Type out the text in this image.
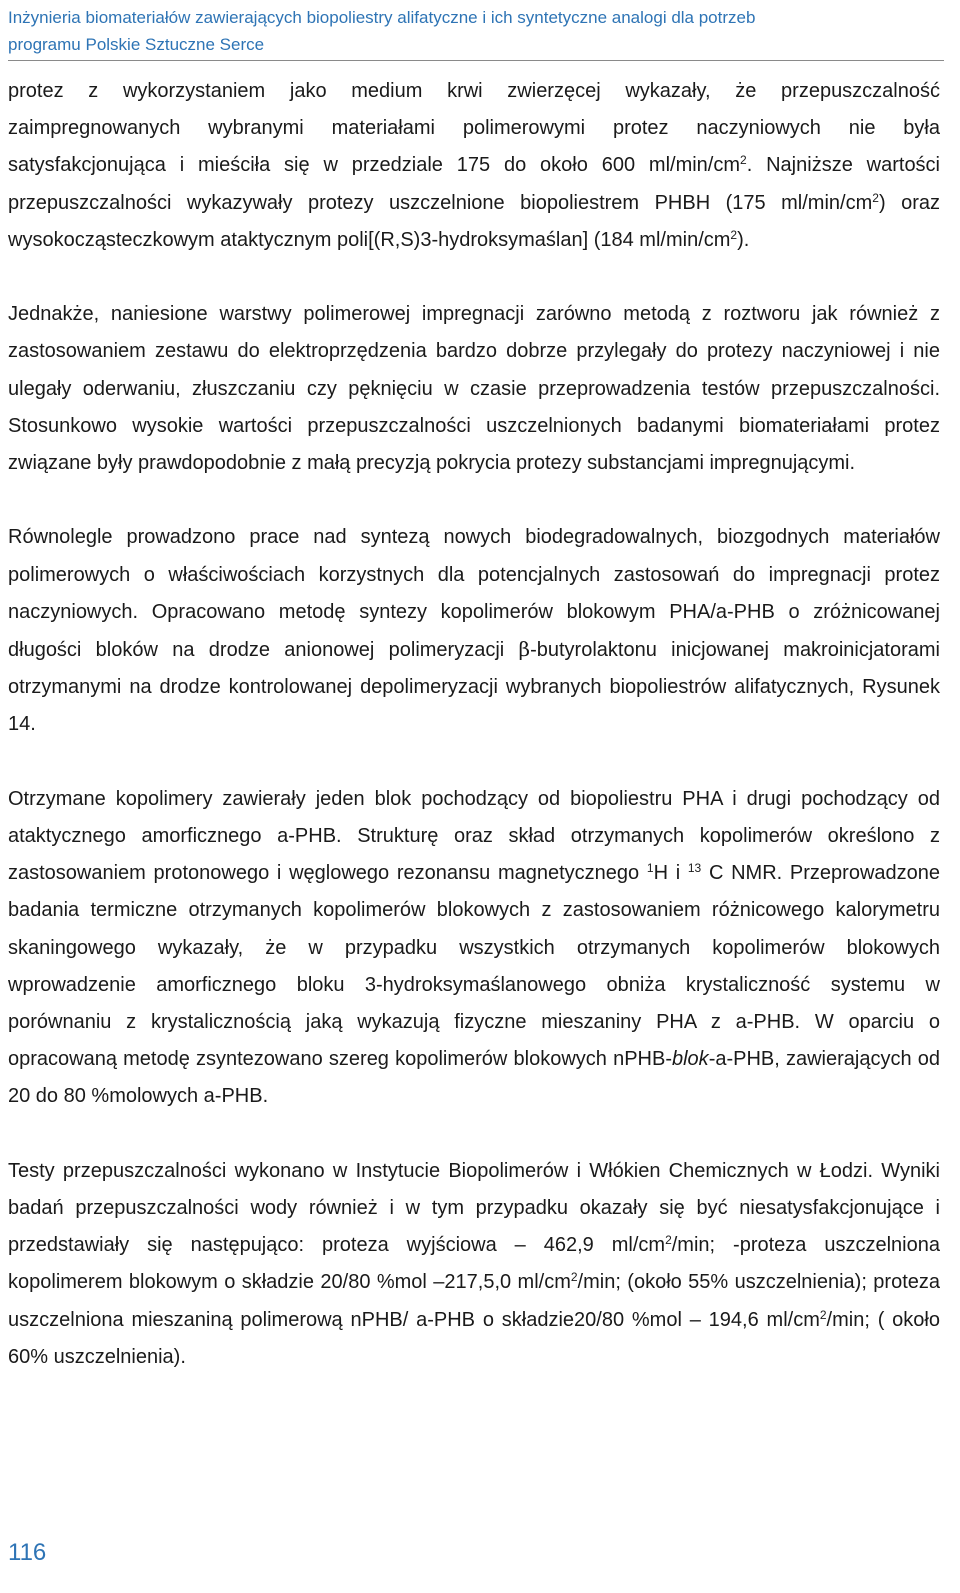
Inżynieria biomateriałów zawierających biopoliestry alifatyczne i ich syntetyczne analogi dla potrzeb
programu Polskie Sztuczne Serce

protez z wykorzystaniem jako medium krwi zwierzęcej wykazały, że przepuszczalność zaimpregnowanych wybranymi materiałami polimerowymi protez naczyniowych nie była satysfakcjonująca i mieściła się w przedziale 175 do około 600 $ml/\min/cm^2$. Najniższe wartości przepuszczalności wykazywały protezy uszczelnione biopoliestrem PHBH (175 $ml/\min/cm^2$) oraz wysokocząsteczkowym ataktycznym poli[(R,S)3-hydroksymaślan] (184 $ml/\min/cm^2$).

Jednakże, naniesione warstwy polimerowej impregnacji zarówno metodą z roztworu jak również z zastosowaniem zestawu do elektroprzędzenia bardzo dobrze przylegały do protezy naczyniowej i nie ulegały oderwaniu, złuszczaniu czy pęknięciu w czasie przeprowadzenia testów przepuszczalności. Stosunkowo wysokie wartości przepuszczalności uszczelnionych badanymi biomateriałami protez związane były prawdopodobnie z małą precyzją pokrycia protezy substancjami impregnującymi.

Równolegle prowadzono prace nad syntezą nowych biodegradowalnych, biozgodnych materiałów polimerowych o właściwościach korzystnych dla potencjalnych zastosowań do impregnacji protez naczyniowych. Opracowano metodę syntezy kopolimerów blokowym PHA/a-PHB o zróżnicowanej długości bloków na drodze anionowej polimeryzacji β-butyrolaktonu inicjowanej makroinicjatorami otrzymanymi na drodze kontrolowanej depolimeryzacji wybranych biopoliestrów alifatycznych, Rysunek 14.

Otrzymane kopolimery zawierały jeden blok pochodzący od biopoliestru PHA i drugi pochodzący od ataktycznego amorficznego a-PHB. Strukturę oraz skład otrzymanych kopolimerów określono z zastosowaniem protonowego i węglowego rezonansu magnetycznego $^1$H i $^{13}$ C NMR. Przeprowadzone badania termiczne otrzymanych kopolimerów blokowych z zastosowaniem różnicowego kalorymetru skaningowego wykazały, że w przypadku wszystkich otrzymanych kopolimerów blokowych wprowadzenie amorficznego bloku 3-hydroksymaślanowego obniża krystaliczność systemu w porównaniu z krystalicznością jaką wykazują fizyczne mieszaniny PHA z a-PHB. W oparciu o opracowaną metodę zsyntezowano szereg kopolimerów blokowych nPHB-blok-a-PHB, zawierających od 20 do 80 %molowych a-PHB.

Testy przepuszczalności wykonano w Instytucie Biopolimerów i Włókien Chemicznych w Łodzi. Wyniki badań przepuszczalności wody również i w tym przypadku okazały się być niesatysfakcjonujące i przedstawiały się następująco: proteza wyjściowa – 462,9 $ml/cm^2/\min$; -proteza uszczelniona kopolimerem blokowym o składzie 20/80 %mol –217,5,0 $ml/cm^2/\min$; (około 55% uszczelnienia); proteza uszczelniona mieszaniną polimerową nPHB/ a-PHB o składzie20/80 %mol – 194,6 $ml/cm^2/\min$; ( około 60% uszczelnienia).

116
